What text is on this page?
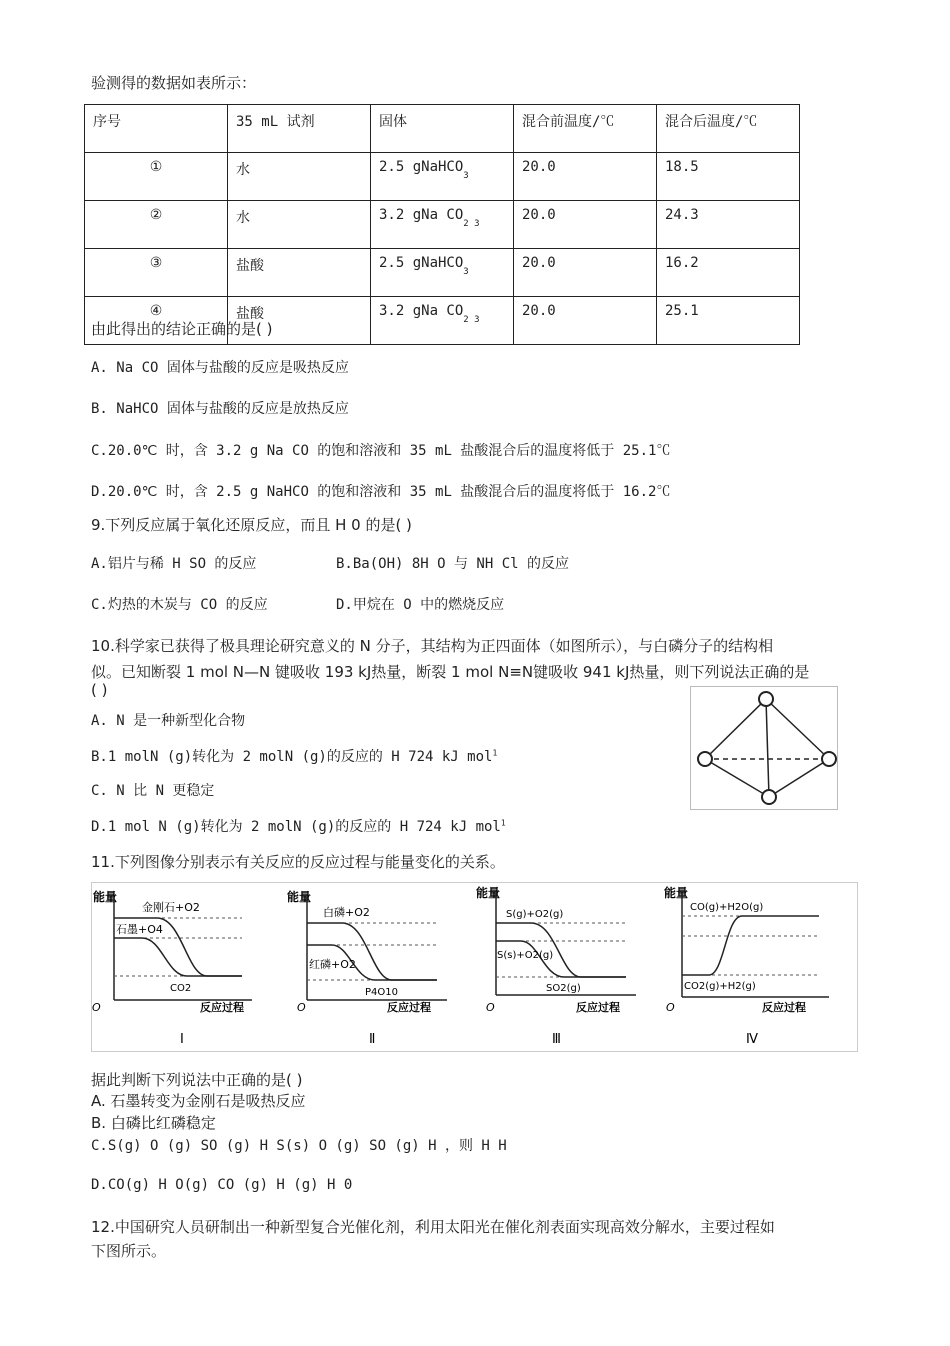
验测得的数据如表所示：
序号	35 mL 试剂	固体	混合前温度/℃	混合后温度/℃
①	水	2.5 gNaHCO$_3$	20.0	18.5
②	水	3.2 gNa $CO_{2 3}$	20.0	24.3
③	盐酸	2.5 gNaHCO$_3$	20.0	16.2
④	盐酸	3.2 gNa $CO_{2 3}$	20.0	25.1
由此得出的结论正确的是( )
A. Na CO 固体与盐酸的反应是吸热反应
B. NaHCO 固体与盐酸的反应是放热反应
C.20.0℃ 时，含 3.2 g Na CO 的饱和溶液和 35 mL 盐酸混合后的温度将低于 25.1℃
D.20.0℃ 时，含 2.5 g NaHCO 的饱和溶液和 35 mL 盐酸混合后的温度将低于 16.2℃
9.下列反应属于氧化还原反应，而且 H 0 的是( )
A.铝片与稀 H SO 的反应	B.Ba(OH) 8H O 与 NH Cl 的反应
C.灼热的木炭与 CO 的反应	D.甲烷在 O 中的燃烧反应
10.科学家已获得了极具理论研究意义的 N 分子，其结构为正四面体（如图所示），与白磷分子的结构相
似。已知断裂 1 mol N—N 键吸收 193 kJ热量，断裂 1 mol N≡N键吸收 941 kJ热量，则下列说法正确的是
( )
A. N 是一种新型化合物
B.1 molN (g)转化为 2 molN (g)的反应的 H 724 kJ mol$^1$
C. N 比 N 更稳定
D.1 mol N (g)转化为 2 molN (g)的反应的 H 724 kJ mol$^1$
11.下列图像分别表示有关反应的反应过程与能量变化的关系。
能量
金刚石+O2
石墨+O4
CO2
O	反应过程
Ⅰ
能量
白磷+O2
红磷+O2
P4O10
O	反应过程
Ⅱ
能量
S(g)+O2(g)
S(s)+O2(g)
SO2(g)
O	反应过程
Ⅲ
能量
CO(g)+H2O(g)
CO2(g)+H2(g)
O	反应过程
Ⅳ
据此判断下列说法中正确的是( )
A. 石墨转变为金刚石是吸热反应
B. 白磷比红磷稳定
C.S(g) O (g) SO (g) H S(s) O (g) SO (g) H ，则 H H
D.CO(g) H O(g) CO (g) H (g) H 0
12.中国研究人员研制出一种新型复合光催化剂，利用太阳光在催化剂表面实现高效分解水，主要过程如
下图所示。
